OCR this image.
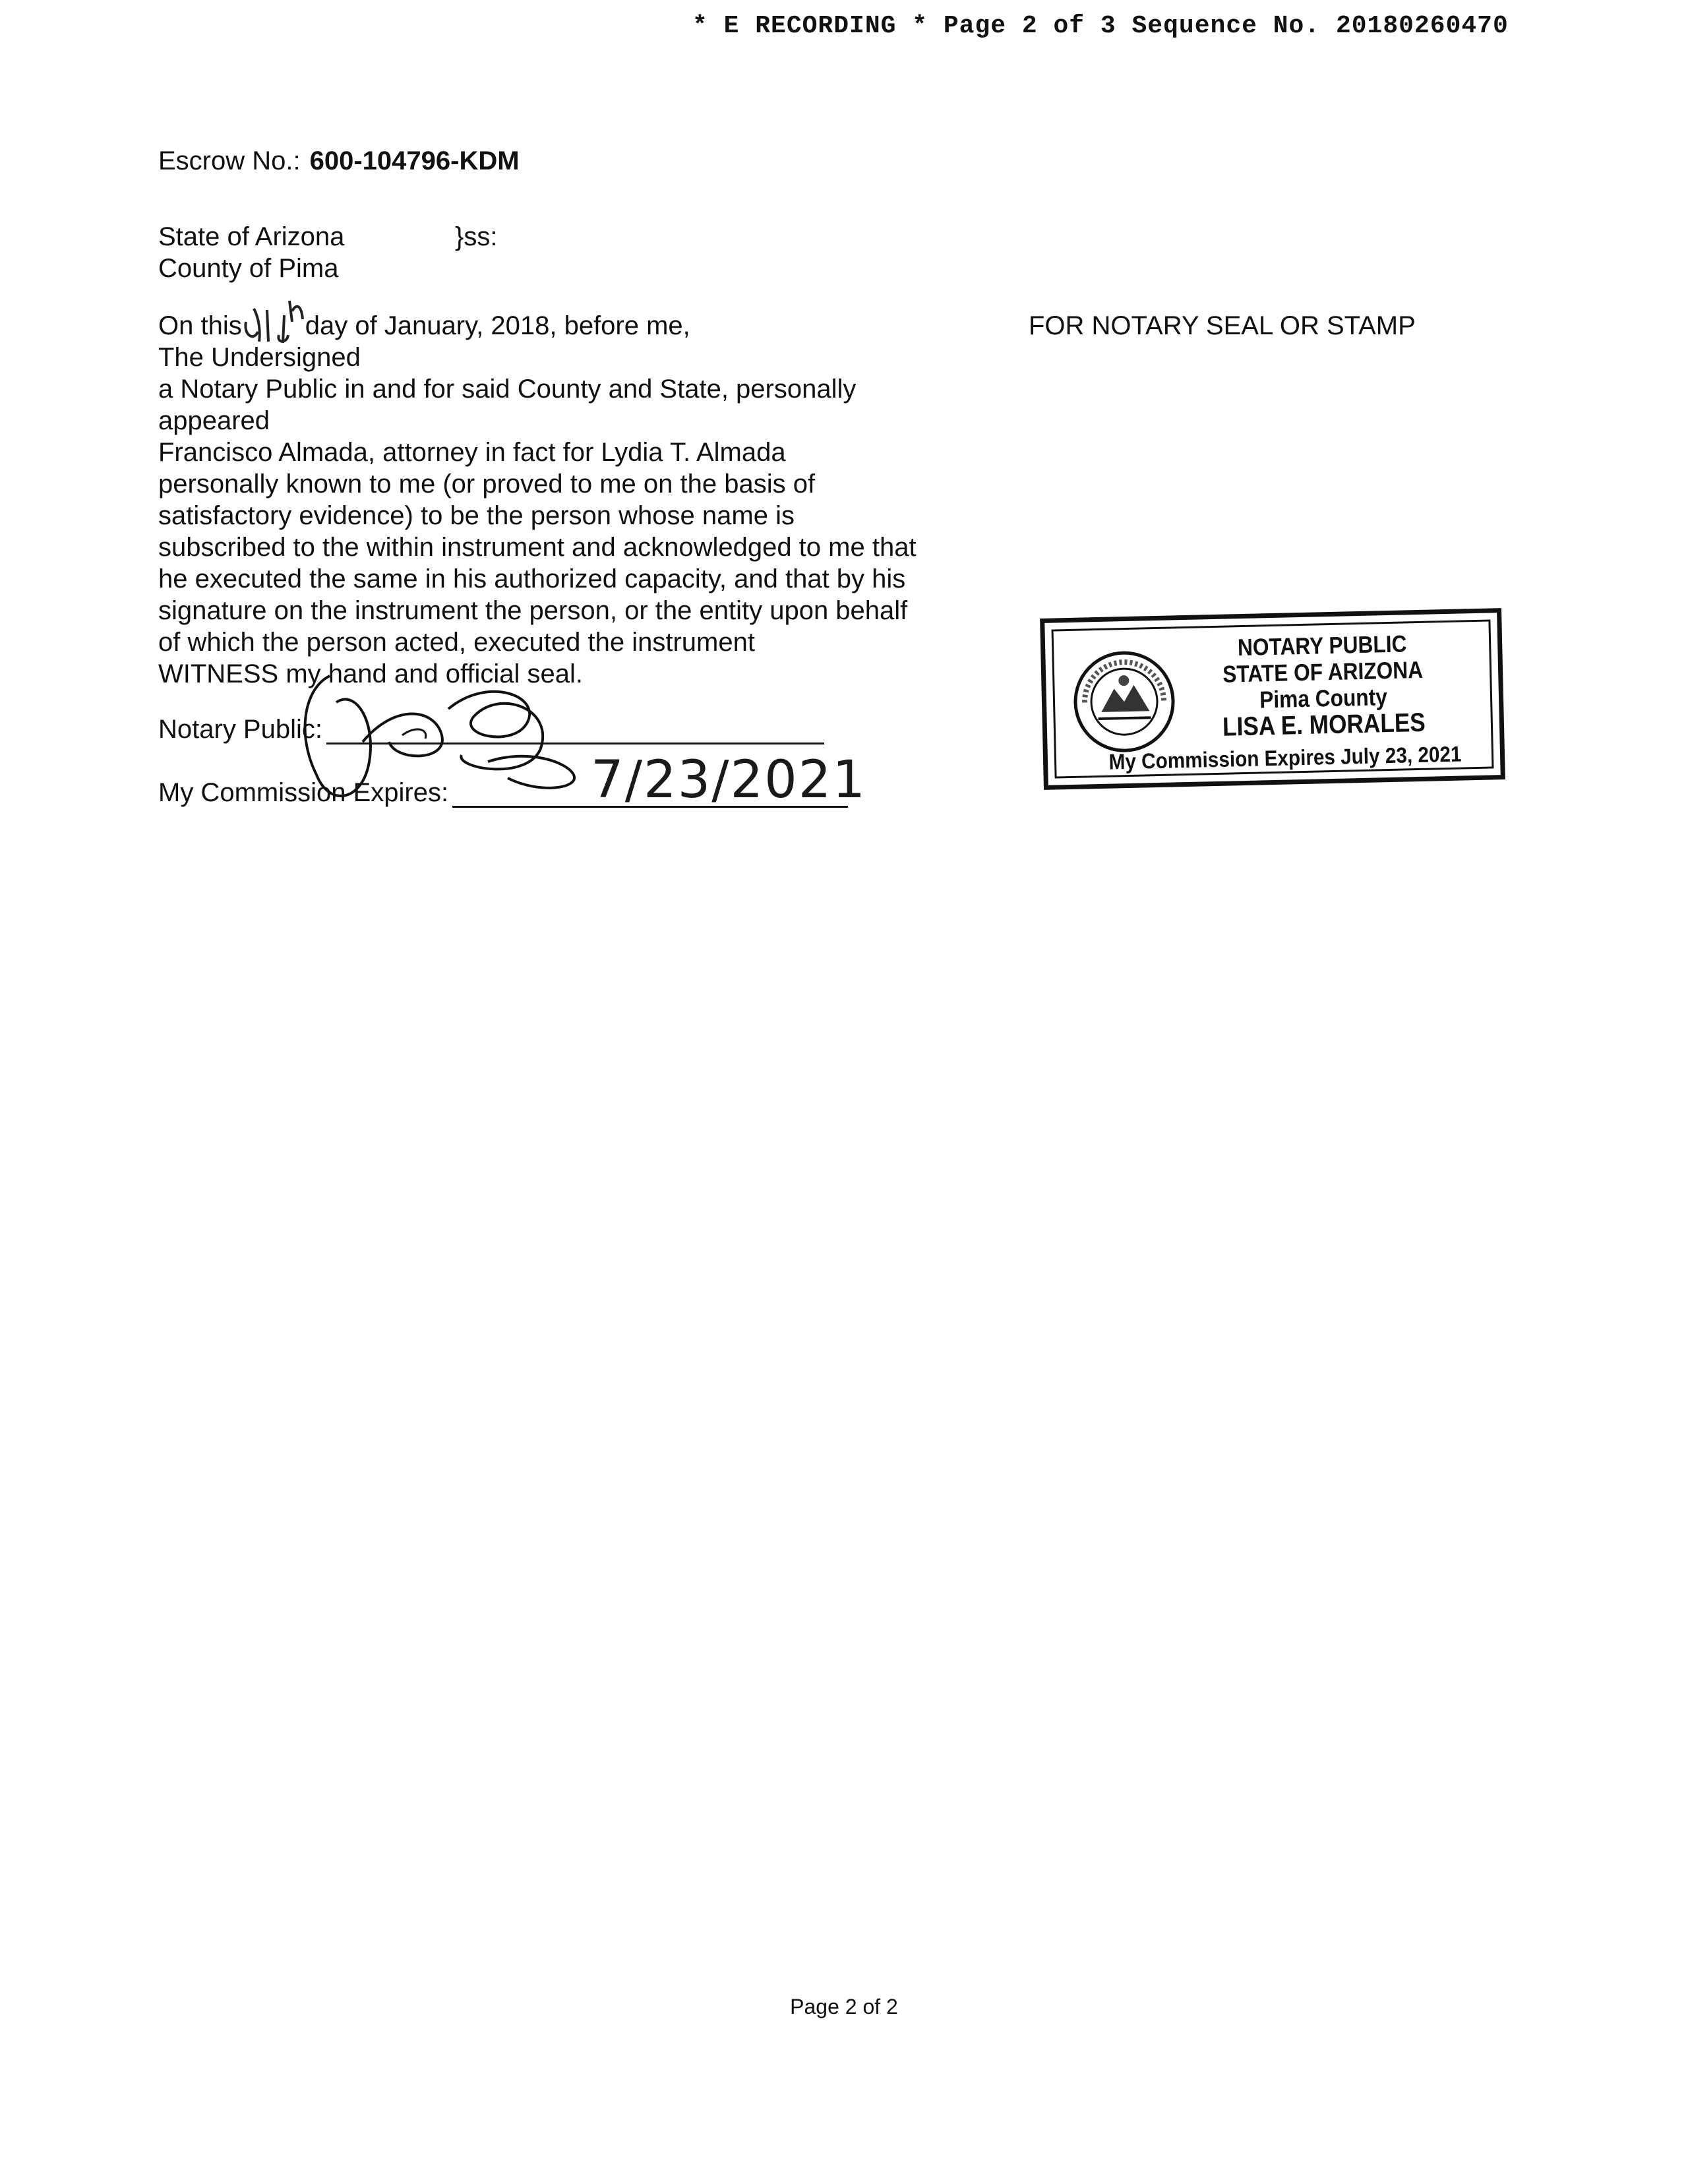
* E RECORDING * Page 2 of 3 Sequence No. 20180260470
Escrow No.: 600-104796-KDM
State of Arizona	}ss:
County of Pima

On this day of January, 2018, before me,

The Undersigned

a Notary Public in and for said County and State, personally

appeared

Francisco Almada, attorney in fact for Lydia T. Almada

personally known to me (or proved to me on the basis of

satisfactory evidence) to be the person whose name is

subscribed to the within instrument and acknowledged to me that

he executed the same in his authorized capacity, and that by his

signature on the instrument the person, or the entity upon behalf

of which the person acted, executed the instrument

WITNESS my hand and official seal.

FOR NOTARY SEAL OR STAMP
Notary Public:
My Commission Expires:	7/23/2021
NOTARY PUBLIC
STATE OF ARIZONA
Pima County
LISA E. MORALES
My Commission Expires July 23, 2021
Page 2 of 2
